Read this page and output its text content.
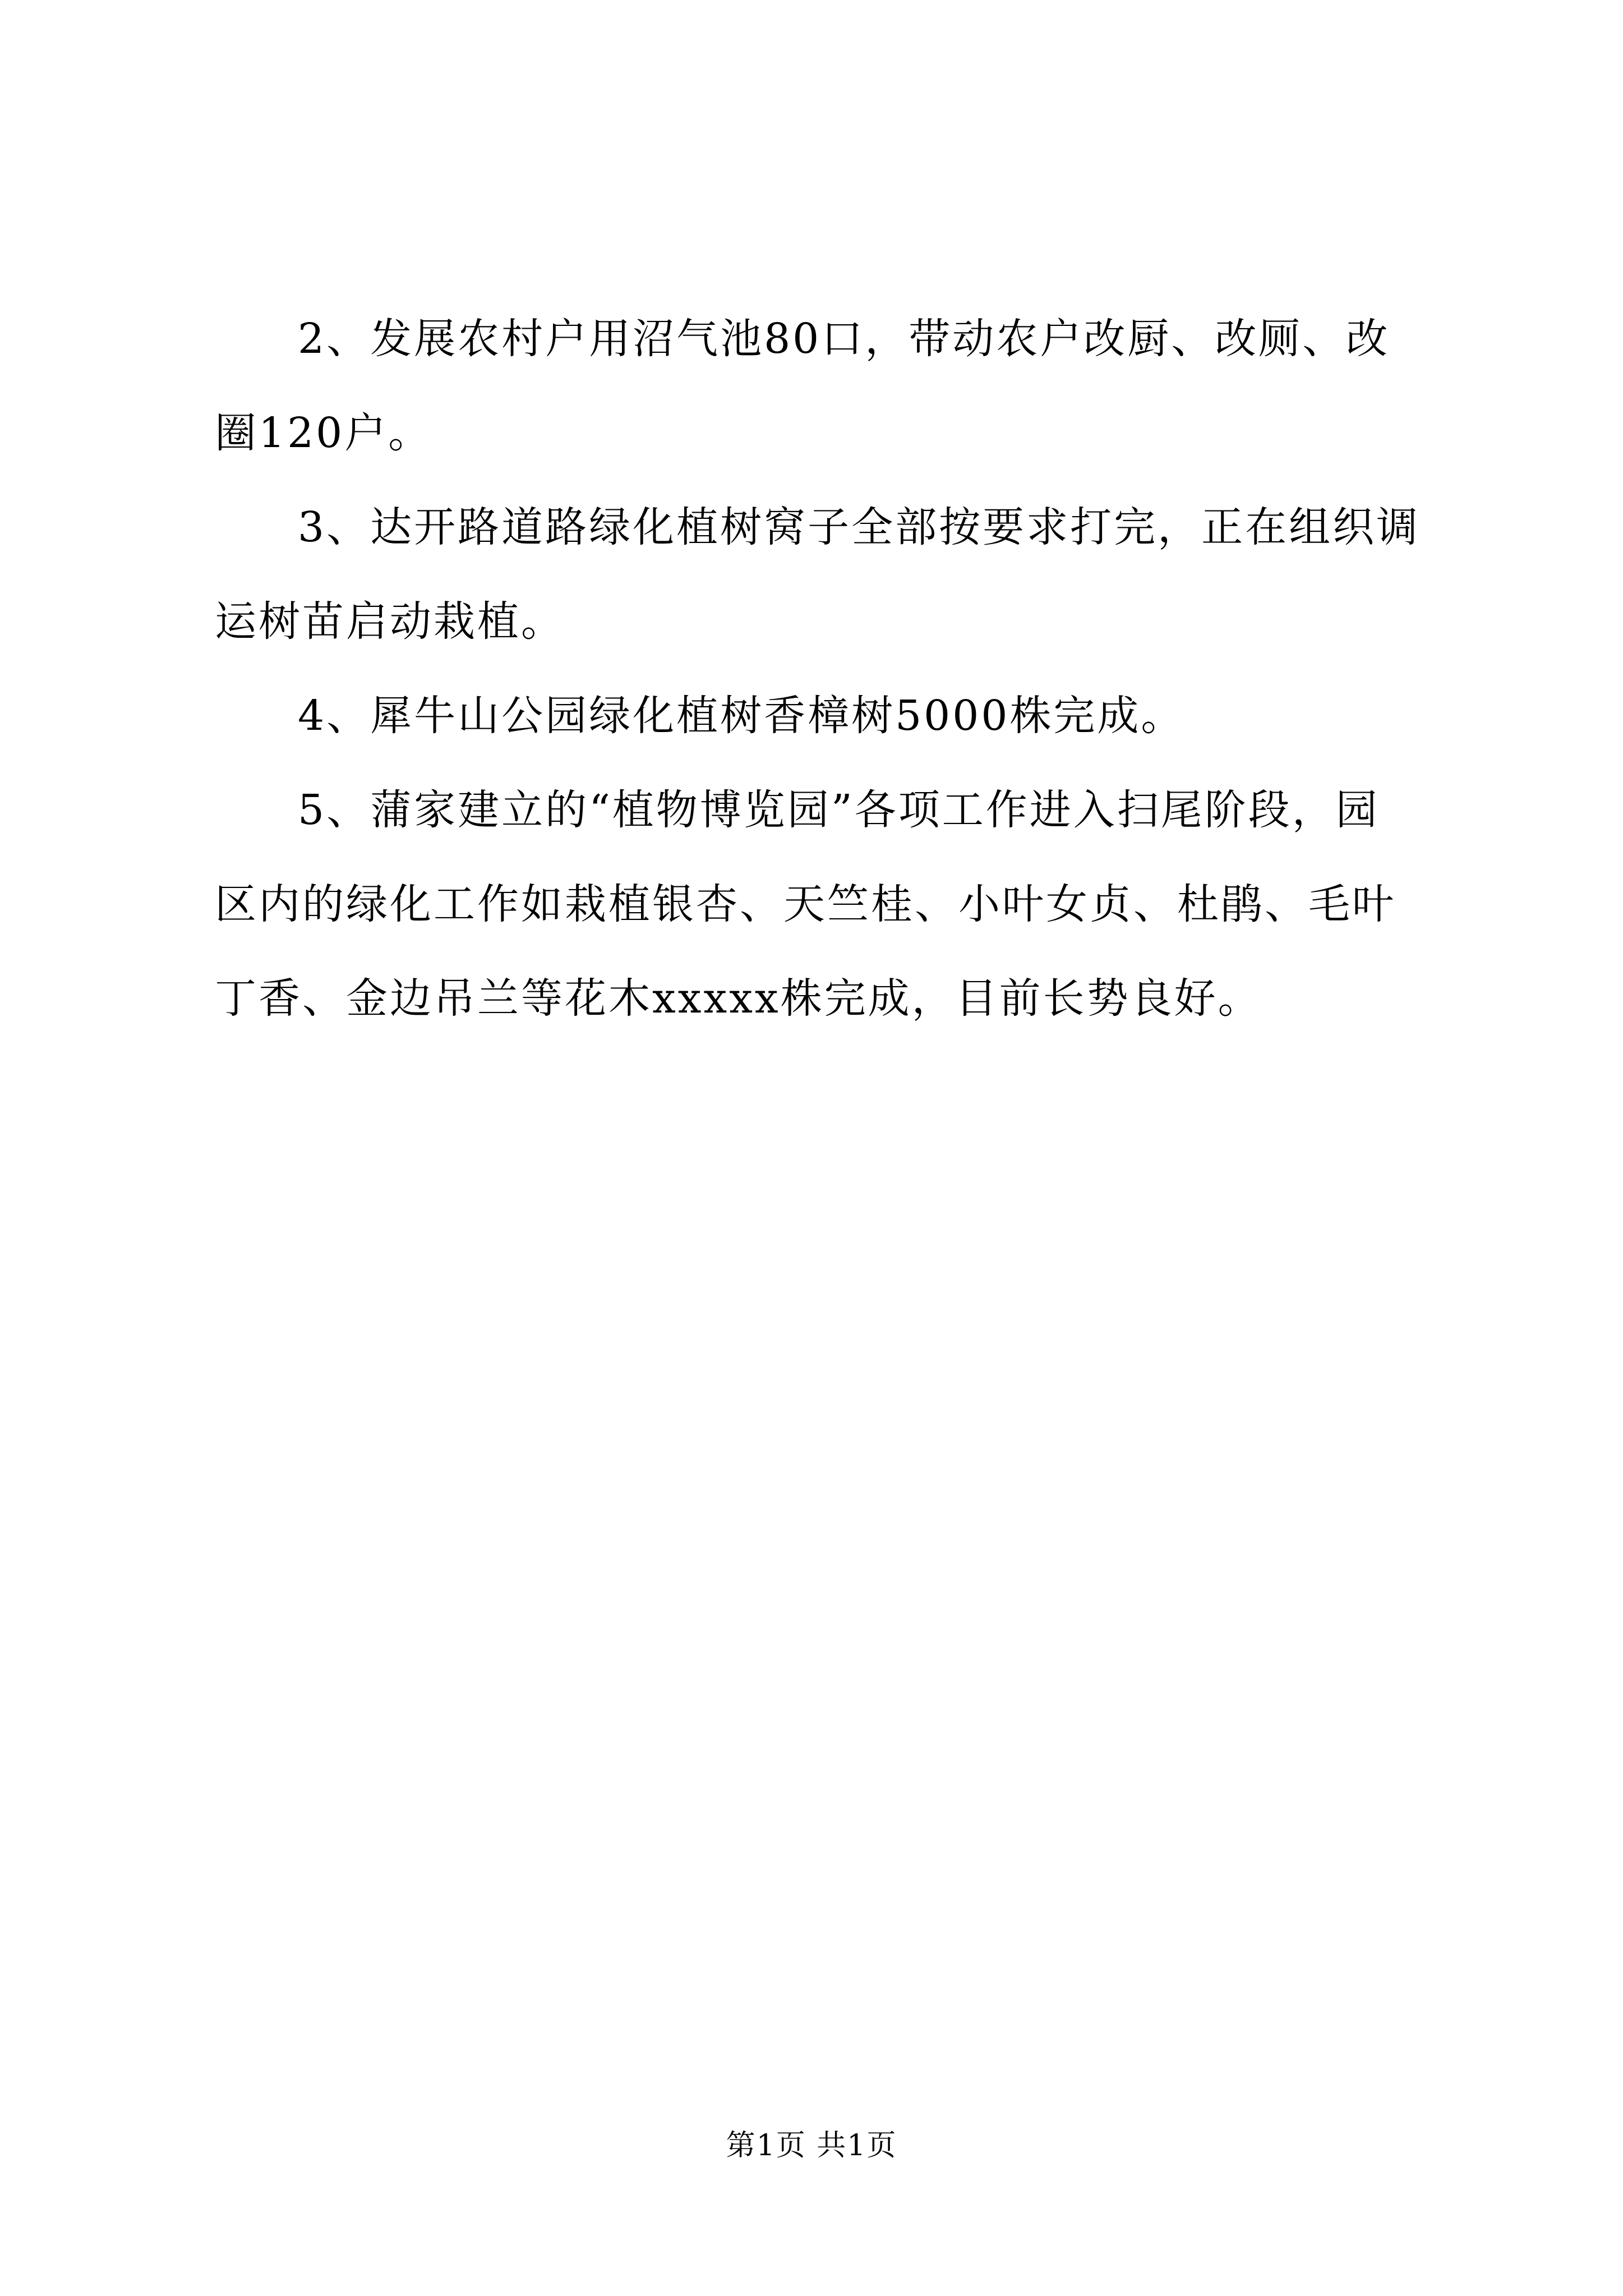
2、发展农村户用沼气池80口，带动农户改厨、改厕、改圈120户。

3、达开路道路绿化植树窝子全部按要求打完，正在组织调运树苗启动栽植。

4、犀牛山公园绿化植树香樟树5000株完成。

5、蒲家建立的“植物博览园”各项工作进入扫尾阶段，园区内的绿化工作如栽植银杏、天竺桂、小叶女贞、杜鹃、毛叶丁香、金边吊兰等花木xxxxx株完成，目前长势良好。

第1页 共1页
